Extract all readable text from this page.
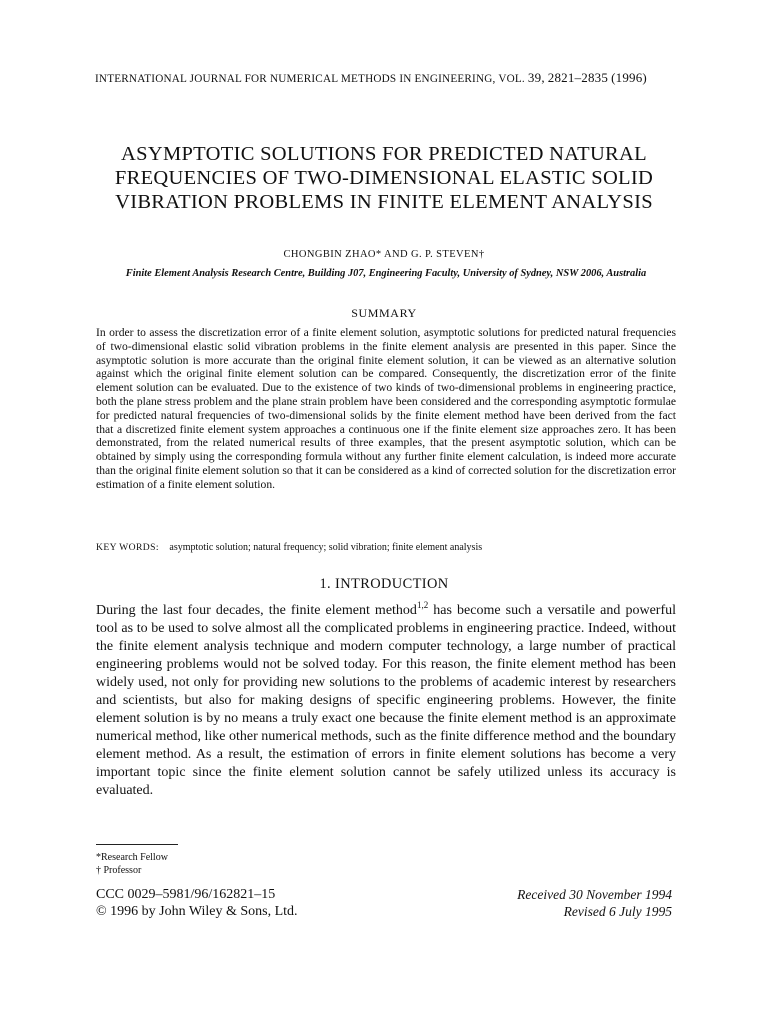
INTERNATIONAL JOURNAL FOR NUMERICAL METHODS IN ENGINEERING, VOL. 39, 2821–2835 (1996)
ASYMPTOTIC SOLUTIONS FOR PREDICTED NATURAL
FREQUENCIES OF TWO-DIMENSIONAL ELASTIC SOLID
VIBRATION PROBLEMS IN FINITE ELEMENT ANALYSIS
CHONGBIN ZHAO* AND G. P. STEVEN†
Finite Element Analysis Research Centre, Building J07, Engineering Faculty, University of Sydney, NSW 2006, Australia
SUMMARY
In order to assess the discretization error of a finite element solution, asymptotic solutions for predicted natural frequencies of two-dimensional elastic solid vibration problems in the finite element analysis are presented in this paper. Since the asymptotic solution is more accurate than the original finite element solution, it can be viewed as an alternative solution against which the original finite element solution can be compared. Consequently, the discretization error of the finite element solution can be evaluated. Due to the existence of two kinds of two-dimensional problems in engineering practice, both the plane stress problem and the plane strain problem have been considered and the corresponding asymptotic formulae for predicted natural frequencies of two-dimensional solids by the finite element method have been derived from the fact that a discretized finite element system approaches a continuous one if the finite element size approaches zero. It has been demonstrated, from the related numerical results of three examples, that the present asymptotic solution, which can be obtained by simply using the corresponding formula without any further finite element calculation, is indeed more accurate than the original finite element solution so that it can be considered as a kind of corrected solution for the discretization error estimation of a finite element solution.
KEY WORDS: asymptotic solution; natural frequency; solid vibration; finite element analysis
1. INTRODUCTION
During the last four decades, the finite element method$^{1,2}$ has become such a versatile and powerful tool as to be used to solve almost all the complicated problems in engineering practice. Indeed, without the finite element analysis technique and modern computer technology, a large number of practical engineering problems would not be solved today. For this reason, the finite element method has been widely used, not only for providing new solutions to the problems of academic interest by researchers and scientists, but also for making designs of specific engineering problems. However, the finite element solution is by no means a truly exact one because the finite element method is an approximate numerical method, like other numerical methods, such as the finite difference method and the boundary element method. As a result, the estimation of errors in finite element solutions has become a very important topic since the finite element solution cannot be safely utilized unless its accuracy is evaluated.
*Research Fellow
† Professor
CCC 0029–5981/96/162821–15
© 1996 by John Wiley & Sons, Ltd.
Received 30 November 1994
Revised 6 July 1995
